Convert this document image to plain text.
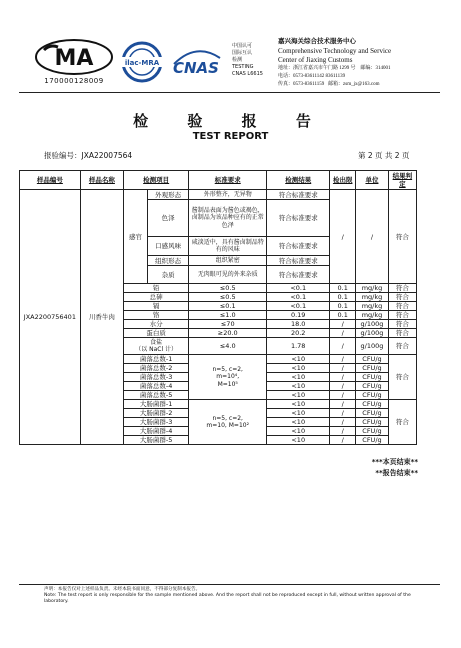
MA
170000128009
ilac-MRA CNAS
中国认可
国际互认
检测
TESTING
CNAS L6615
嘉兴海关综合技术服务中心
Comprehensive Technology and Service
Center of Jiaxing Customs
地址：浙江省嘉兴市午门路 1299 号 邮编：314001
电话：0573-83611142 83611139
传真：0573-83611159 邮箱：zsm_jx@163.com
检 验 报 告
TEST REPORT
报验编号：JXA22007564	第 2 页 共 2 页
样品编号	样品名称	检测项目		标准要求	检测结果	检出限	单位	结果判定
JXA2200756401	川香牛肉	感官	外观形态	外形整齐，无异物	符合标准要求	/	/	符合
			色泽	酱制品表面为酱色或褐色，卤制品为该品种应有的正常色泽	符合标准要求			
			口感风味	咸淡适中，具有酱卤制品特有的风味	符合标准要求			
			组织形态	组织紧密	符合标准要求			
			杂质	无肉眼可见的外来杂质	符合标准要求			
		铅		≤0.5	<0.1	0.1	mg/kg	符合
		总砷		≤0.5	<0.1	0.1	mg/kg	符合
		镉		≤0.1	<0.1	0.1	mg/kg	符合
		铬		≤1.0	0.19	0.1	mg/kg	符合
		水分		≤70	18.0	/	g/100g	符合
		蛋白质		≥20.0	20.2	/	g/100g	符合
		食盐
（以 NaCl 计）		≤4.0	1.78	/	g/100g	符合
		菌落总数-1		n=5, c=2,
m=10⁴,
M=10⁵	<10	/	CFU/g	符合
		菌落总数-2			<10	/	CFU/g	
		菌落总数-3			<10	/	CFU/g	
		菌落总数-4			<10	/	CFU/g	
		菌落总数-5			<10	/	CFU/g	
		大肠菌群-1		n=5, c=2,
m=10, M=10²	<10	/	CFU/g	符合
		大肠菌群-2			<10	/	CFU/g	
		大肠菌群-3			<10	/	CFU/g	
		大肠菌群-4			<10	/	CFU/g	
		大肠菌群-5			<10	/	CFU/g	
***本页结束**
**报告结束**
声明：本报告仅对上述样品负责。未经本院书面同意，不得部分复制本报告。
Note: The test report is only responsible for the sample mentioned above. And the report shall not be reproduced except in full, without written approval of the laboratory.
